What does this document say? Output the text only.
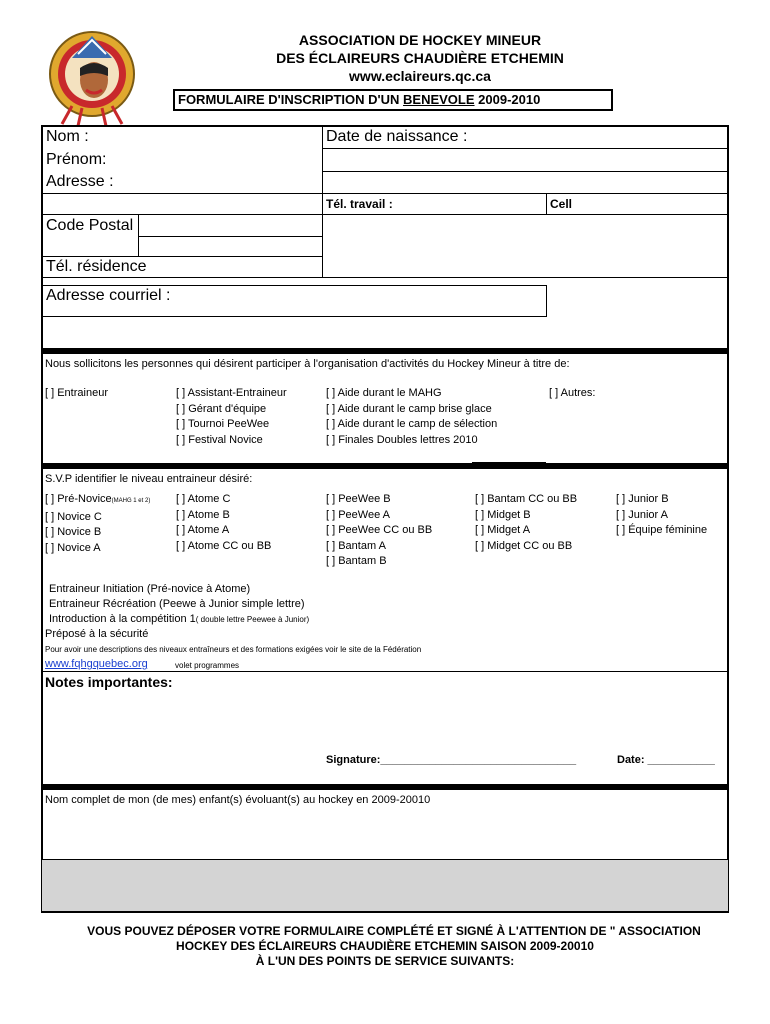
ASSOCIATION DE HOCKEY MINEUR
DES ÉCLAIREURS CHAUDIÈRE ETCHEMIN
www.eclaireurs.qc.ca
FORMULAIRE D'INSCRIPTION D'UN BENEVOLE 2009-2010
Nom :	Date de naissance :
Prénom:
Adresse :
Tél. travail :	Cell
Code Postal
Tél. résidence
Adresse courriel :
Nous sollicitons les personnes qui désirent participer à l'organisation d'activités du Hockey Mineur à titre de:
[ ] Entraineur	[ ] Assistant-Entraineur
[ ] Gérant d'équipe
[ ] Tournoi PeeWee
[ ] Festival Novice
[ ] Aide durant le MAHG
[ ] Aide durant le camp brise glace
[ ] Aide durant le camp de sélection
[ ] Finales Doubles lettres 2010
[ ] Autres:
S.V.P identifier le niveau entraineur désiré:
[ ] Pré-Novice(MAHG 1 et 2)
[ ] Novice C
[ ] Novice B
[ ] Novice A
[ ] Atome C
[ ] Atome B
[ ] Atome A
[ ] Atome CC ou BB
[ ] PeeWee B
[ ] PeeWee A
[ ] PeeWee CC ou BB
[ ] Bantam A
[ ] Bantam B
[ ] Bantam CC ou BB
[ ] Midget B
[ ] Midget A
[ ] Midget CC ou BB
[ ] Junior B
[ ] Junior A
[ ] Équipe féminine
Entraineur Initiation (Pré-novice à Atome)
Entraineur Récréation (Peewe à Junior simple lettre)
Introduction à la compétition 1( double lettre Peewee à Junior)
Préposé à la sécurité
Pour avoir une descriptions des niveaux entraîneurs et des formations exigées voir le site de la Fédération
www.fqhgquebec.org	volet programmes
Notes importantes:
Signature:________________________________	Date: ___________
Nom complet de mon (de mes) enfant(s) évoluant(s) au hockey en 2009-20010
VOUS POUVEZ DÉPOSER VOTRE FORMULAIRE COMPLÉTÉ ET SIGNÉ À L'ATTENTION DE " ASSOCIATION
HOCKEY DES ÉCLAIREURS CHAUDIÈRE ETCHEMIN SAISON 2009-20010
À L'UN DES POINTS DE SERVICE SUIVANTS:
